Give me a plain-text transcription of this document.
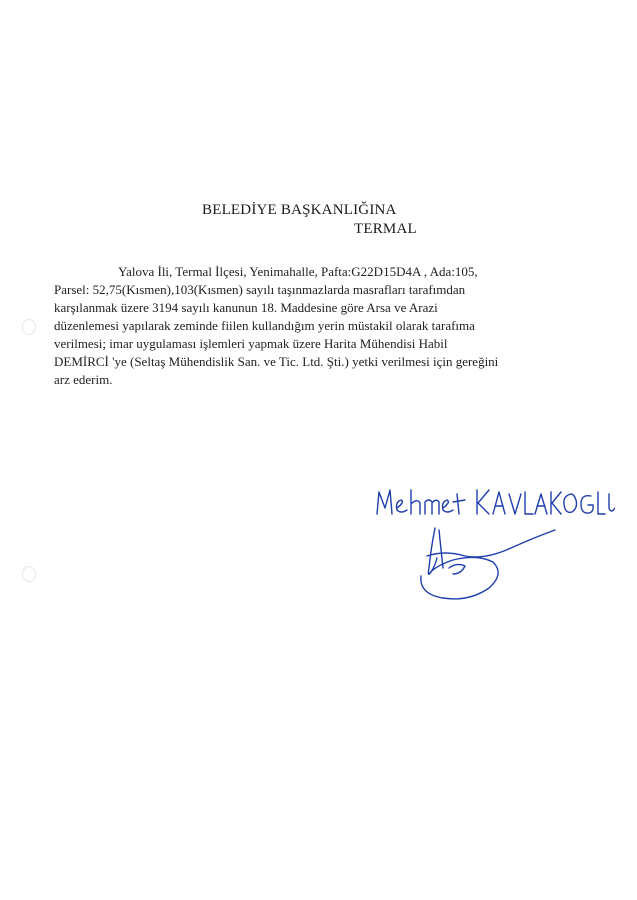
BELEDİYE BAŞKANLIĞINA
TERMAL
Yalova İli, Termal İlçesi, Yenimahalle, Pafta:G22D15D4A , Ada:105,
Parsel: 52,75(Kısmen),103(Kısmen) sayılı taşınmazlarda masrafları tarafımdan
karşılanmak üzere 3194 sayılı kanunun 18. Maddesine göre Arsa ve Arazi
düzenlemesi yapılarak zeminde fiilen kullandığım yerin müstakil olarak tarafıma
verilmesi; imar uygulaması işlemleri yapmak üzere Harita Mühendisi Habil
DEMİRCİ 'ye (Seltaş Mühendislik San. ve Tic. Ltd. Şti.) yetki verilmesi için gereğini
arz ederim.
